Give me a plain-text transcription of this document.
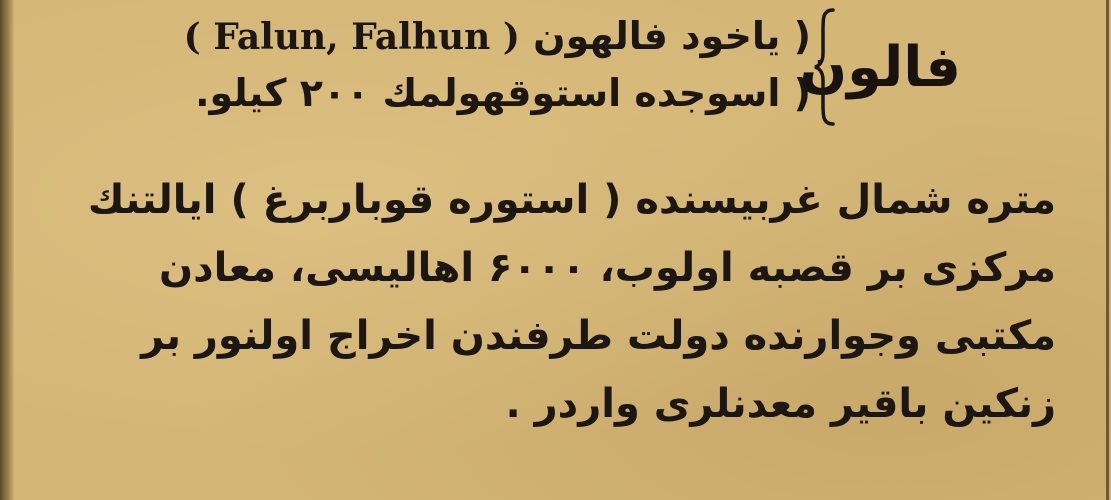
فالون
( یاخود فالهون ( Falun, Falhun )
( اسوجده استوقهولمك ۲۰۰ کیلو.
متره شمال غربیسنده ( استوره قوباربرغ ) ایالتنك
مرکزی بر قصبه اولوب، ۶۰۰۰ اهالیسی، معادن
مکتبی وجوارنده دولت طرفندن اخراج اولنور بر
زنکین باقیر معدنلری واردر .
